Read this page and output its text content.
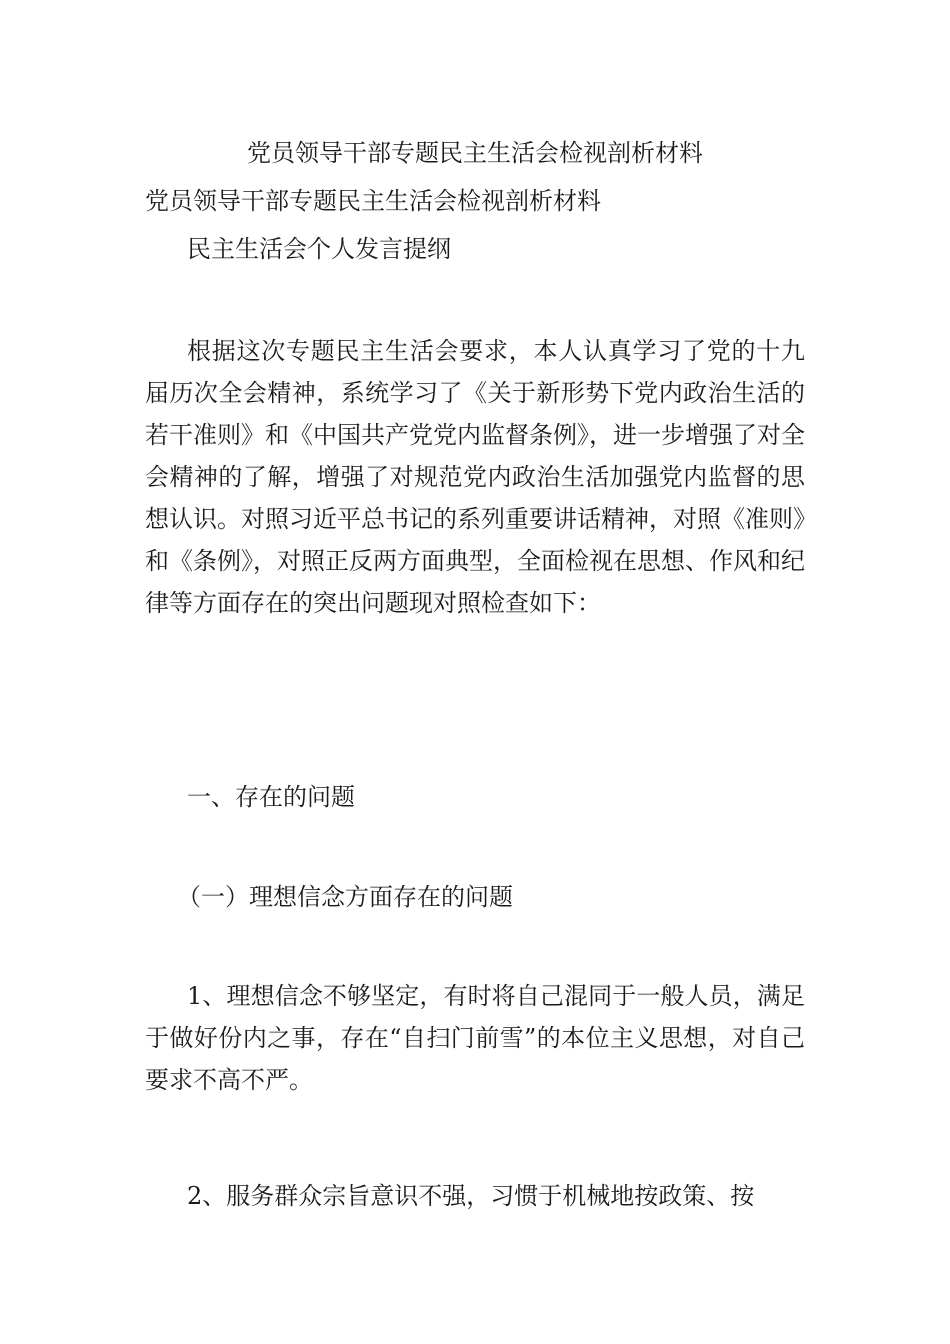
党员领导干部专题民主生活会检视剖析材料

党员领导干部专题民主生活会检视剖析材料

民主生活会个人发言提纲

根据这次专题民主生活会要求，本人认真学习了党的十九届历次全会精神，系统学习了《关于新形势下党内政治生活的若干准则》和《中国共产党党内监督条例》，进一步增强了对全会精神的了解，增强了对规范党内政治生活加强党内监督的思想认识。对照习近平总书记的系列重要讲话精神，对照《准则》和《条例》，对照正反两方面典型，全面检视在思想、作风和纪律等方面存在的突出问题现对照检查如下：

一、存在的问题

（一）理想信念方面存在的问题

1、理想信念不够坚定，有时将自己混同于一般人员，满足于做好份内之事，存在“自扫门前雪”的本位主义思想，对自己要求不高不严。

2、服务群众宗旨意识不强，习惯于机械地按政策、按
